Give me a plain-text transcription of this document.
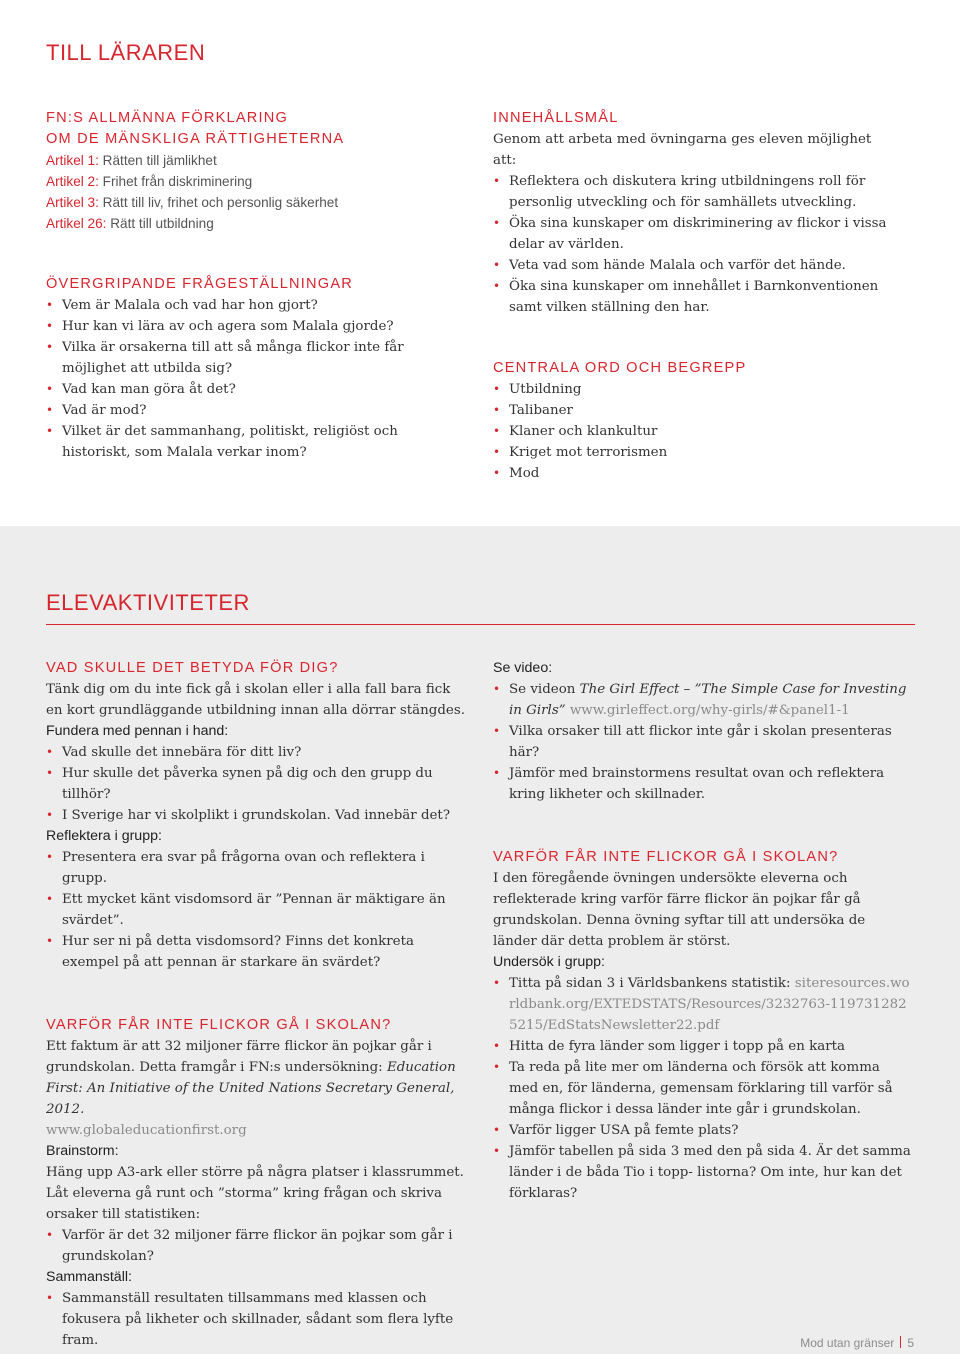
TILL LÄRAREN
FN:S ALLMÄNNA FÖRKLARING
OM DE MÄNSKLIGA RÄTTIGHETERNA
Artikel 1: Rätten till jämlikhet
Artikel 2: Frihet från diskriminering
Artikel 3: Rätt till liv, frihet och personlig säkerhet
Artikel 26: Rätt till utbildning
ÖVERGRIPANDE FRÅGESTÄLLNINGAR
• Vem är Malala och vad har hon gjort?
• Hur kan vi lära av och agera som Malala gjorde?
• Vilka är orsakerna till att så många flickor inte får möjlighet att utbilda sig?
• Vad kan man göra åt det?
• Vad är mod?
• Vilket är det sammanhang, politiskt, religiöst och historiskt, som Malala verkar inom?
INNEHÅLLSMÅL
Genom att arbeta med övningarna ges eleven möjlighet att:
• Reflektera och diskutera kring utbildningens roll för personlig utveckling och för samhällets utveckling.
• Öka sina kunskaper om diskriminering av flickor i vissa delar av världen.
• Veta vad som hände Malala och varför det hände.
• Öka sina kunskaper om innehållet i Barnkonventionen samt vilken ställning den har.
CENTRALA ORD OCH BEGREPP
• Utbildning
• Talibaner
• Klaner och klankultur
• Kriget mot terrorismen
• Mod
ELEVAKTIVITETER
VAD SKULLE DET BETYDA FÖR DIG?
Tänk dig om du inte fick gå i skolan eller i alla fall bara fick en kort grundläggande utbildning innan alla dörrar stängdes.
Fundera med pennan i hand:
• Vad skulle det innebära för ditt liv?
• Hur skulle det påverka synen på dig och den grupp du tillhör?
• I Sverige har vi skolplikt i grundskolan. Vad innebär det?
Reflektera i grupp:
• Presentera era svar på frågorna ovan och reflektera i grupp.
• Ett mycket känt visdomsord är ”Pennan är mäktigare än svärdet”.
• Hur ser ni på detta visdomsord? Finns det konkreta exempel på att pennan är starkare än svärdet?
VARFÖR FÅR INTE FLICKOR GÅ I SKOLAN?
Ett faktum är att 32 miljoner färre flickor än pojkar går i grundskolan. Detta framgår i FN:s undersökning: Education First: An Initiative of the United Nations Secretary General, 2012.
www.globaleducationfirst.org
Brainstorm:
Häng upp A3-ark eller större på några platser i klassrummet. Låt eleverna gå runt och ”storma” kring frågan och skriva orsaker till statistiken:
• Varför är det 32 miljoner färre flickor än pojkar som går i grundskolan?
Sammanställ:
• Sammanställ resultaten tillsammans med klassen och fokusera på likheter och skillnader, sådant som flera lyfte fram.
Se video:
• Se videon The Girl Effect – ”The Simple Case for Investing in Girls” www.girleffect.org/why-girls/#&panel1-1
• Vilka orsaker till att flickor inte går i skolan presenteras här?
• Jämför med brainstormens resultat ovan och reflektera kring likheter och skillnader.
VARFÖR FÅR INTE FLICKOR GÅ I SKOLAN?
I den föregående övningen undersökte eleverna och reflekterade kring varför färre flickor än pojkar får gå grundskolan. Denna övning syftar till att undersöka de länder där detta problem är störst.
Undersök i grupp:
• Titta på sidan 3 i Världsbankens statistik: siteresources.worldbank.org/EXTEDSTATS/Resources/3232763-1197312825215/EdStatsNewsletter22.pdf
• Hitta de fyra länder som ligger i topp på en karta
• Ta reda på lite mer om länderna och försök att komma med en, för länderna, gemensam förklaring till varför så många flickor i dessa länder inte går i grundskolan.
• Varför ligger USA på femte plats?
• Jämför tabellen på sida 3 med den på sida 4. Är det samma länder i de båda Tio i topp- listorna? Om inte, hur kan det förklaras?
Mod utan gränser 5
